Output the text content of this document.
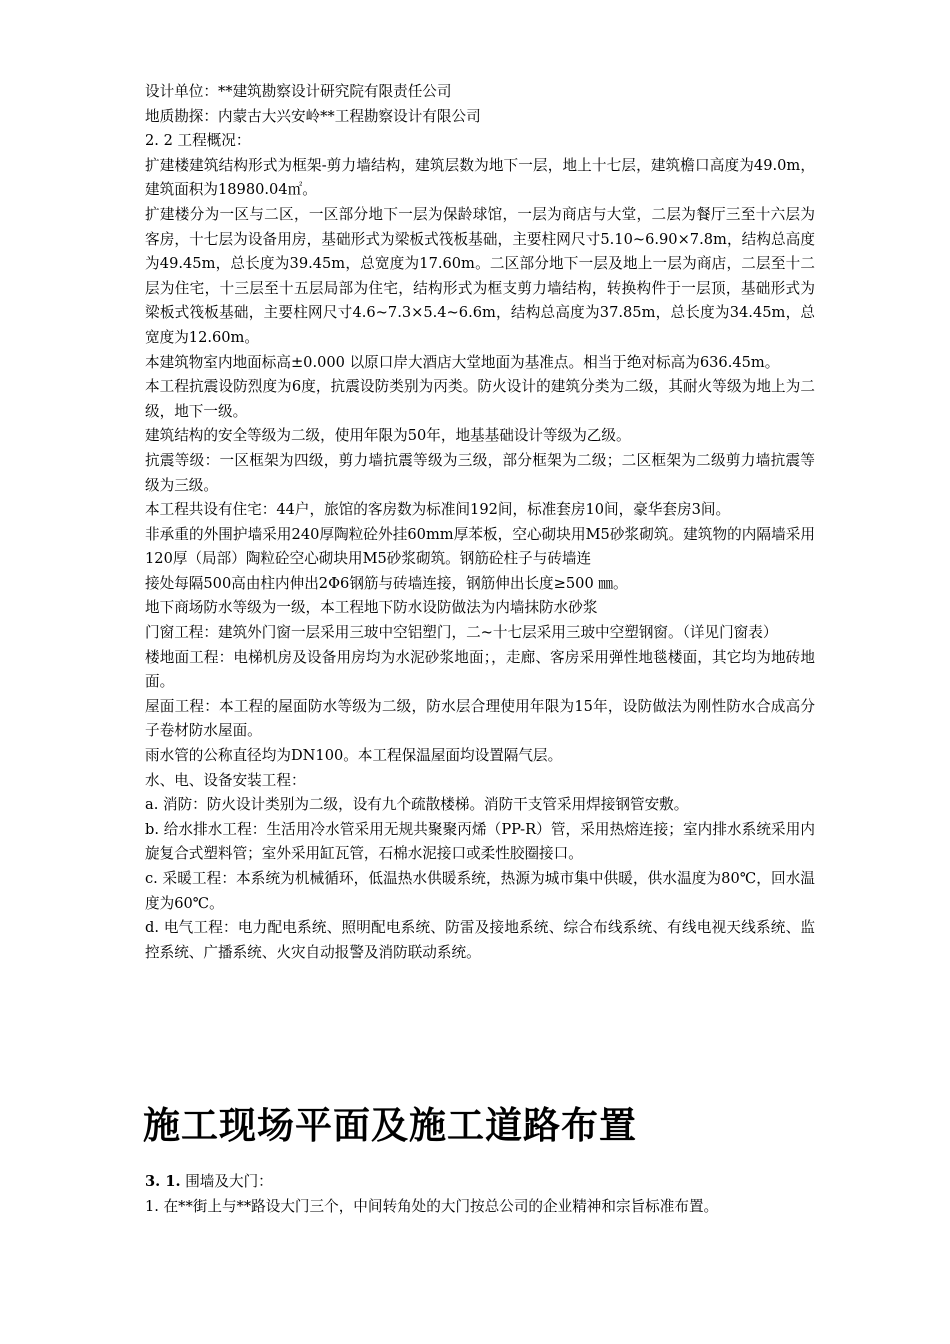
设计单位：**建筑勘察设计研究院有限责任公司

地质勘探：内蒙古大兴安岭**工程勘察设计有限公司

2. 2 工程概况：

扩建楼建筑结构形式为框架-剪力墙结构，建筑层数为地下一层，地上十七层，建筑檐口高度为49.0m，建筑面积为18980.04㎡。

扩建楼分为一区与二区，一区部分地下一层为保龄球馆，一层为商店与大堂，二层为餐厅三至十六层为客房，十七层为设备用房，基础形式为梁板式筏板基础，主要柱网尺寸5.10~6.90×7.8m，结构总高度为49.45m，总长度为39.45m，总宽度为17.60m。二区部分地下一层及地上一层为商店，二层至十二层为住宅，十三层至十五层局部为住宅，结构形式为框支剪力墙结构，转换构件于一层顶，基础形式为梁板式筏板基础，主要柱网尺寸4.6~7.3×5.4~6.6m，结构总高度为37.85m，总长度为34.45m，总宽度为12.60m。

本建筑物室内地面标高±0.000 以原口岸大酒店大堂地面为基准点。相当于绝对标高为636.45m。

本工程抗震设防烈度为6度，抗震设防类别为丙类。防火设计的建筑分类为二级，其耐火等级为地上为二级，地下一级。

建筑结构的安全等级为二级，使用年限为50年，地基基础设计等级为乙级。

抗震等级：一区框架为四级，剪力墙抗震等级为三级，部分框架为二级；二区框架为二级剪力墙抗震等级为三级。

本工程共设有住宅：44户，旅馆的客房数为标准间192间，标准套房10间，豪华套房3间。

非承重的外围护墙采用240厚陶粒砼外挂60mm厚苯板，空心砌块用M5砂浆砌筑。建筑物的内隔墙采用120厚（局部）陶粒砼空心砌块用M5砂浆砌筑。钢筋砼柱子与砖墙连

接处每隔500高由柱内伸出2Φ6钢筋与砖墙连接，钢筋伸出长度≥500 ㎜。

地下商场防水等级为一级，本工程地下防水设防做法为内墙抹防水砂浆

门窗工程：建筑外门窗一层采用三玻中空铝塑门，二~十七层采用三玻中空塑钢窗。（详见门窗表）

楼地面工程：电梯机房及设备用房均为水泥砂浆地面；，走廊、客房采用弹性地毯楼面，其它均为地砖地面。

屋面工程：本工程的屋面防水等级为二级，防水层合理使用年限为15年，设防做法为刚性防水合成高分子卷材防水屋面。

雨水管的公称直径均为DN100。本工程保温屋面均设置隔气层。

水、电、设备安装工程：

a. 消防：防火设计类别为二级，设有九个疏散楼梯。消防干支管采用焊接钢管安敷。

b. 给水排水工程：生活用冷水管采用无规共聚聚丙烯（PP-R）管，采用热熔连接；室内排水系统采用内旋复合式塑料管；室外采用缸瓦管，石棉水泥接口或柔性胶圈接口。

c. 采暖工程：本系统为机械循环，低温热水供暖系统，热源为城市集中供暖，供水温度为80℃，回水温度为60℃。

d. 电气工程：电力配电系统、照明配电系统、防雷及接地系统、综合布线系统、有线电视天线系统、监控系统、广播系统、火灾自动报警及消防联动系统。

施工现场平面及施工道路布置

3. 1. 围墙及大门：

1. 在**街上与**路设大门三个，中间转角处的大门按总公司的企业精神和宗旨标准布置。
